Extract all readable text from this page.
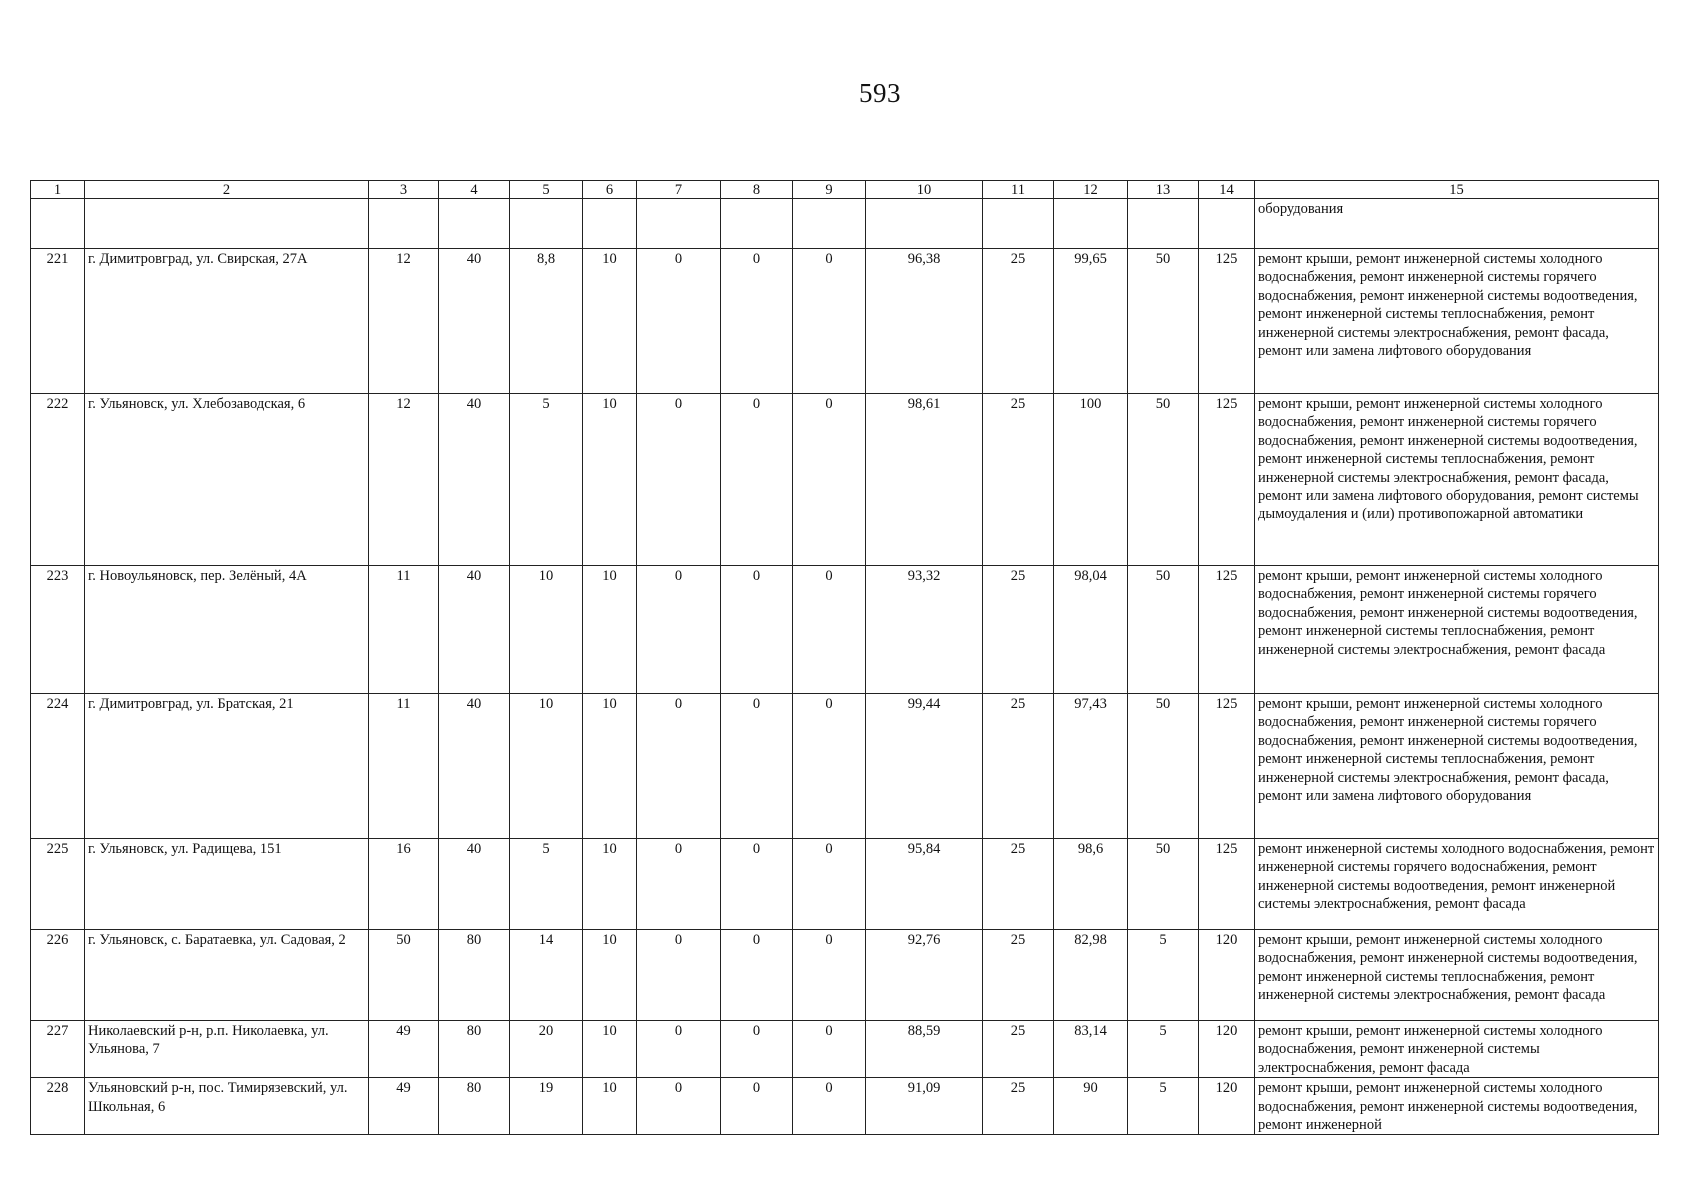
593
1	2	3	4	5	6	7	8	9	10	11	12	13	14	15
														оборудования
221	г. Димитровград, ул. Свирская, 27А	12	40	8,8	10	0	0	0	96,38	25	99,65	50	125	ремонт крыши, ремонт инженерной системы холодного водоснабжения, ремонт инженерной системы горячего водоснабжения, ремонт инженерной системы водоотведения, ремонт инженерной системы теплоснабжения, ремонт инженерной системы электроснабжения, ремонт фасада, ремонт или замена лифтового оборудования
222	г. Ульяновск, ул. Хлебозаводская, 6	12	40	5	10	0	0	0	98,61	25	100	50	125	ремонт крыши, ремонт инженерной системы холодного водоснабжения, ремонт инженерной системы горячего водоснабжения, ремонт инженерной системы водоотведения, ремонт инженерной системы теплоснабжения, ремонт инженерной системы электроснабжения, ремонт фасада, ремонт или замена лифтового оборудования, ремонт системы дымоудаления и (или) противопожарной автоматики
223	г. Новоульяновск, пер. Зелёный, 4А	11	40	10	10	0	0	0	93,32	25	98,04	50	125	ремонт крыши, ремонт инженерной системы холодного водоснабжения, ремонт инженерной системы горячего водоснабжения, ремонт инженерной системы водоотведения, ремонт инженерной системы теплоснабжения, ремонт инженерной системы электроснабжения, ремонт фасада
224	г. Димитровград, ул. Братская, 21	11	40	10	10	0	0	0	99,44	25	97,43	50	125	ремонт крыши, ремонт инженерной системы холодного водоснабжения, ремонт инженерной системы горячего водоснабжения, ремонт инженерной системы водоотведения, ремонт инженерной системы теплоснабжения, ремонт инженерной системы электроснабжения, ремонт фасада, ремонт или замена лифтового оборудования
225	г. Ульяновск, ул. Радищева, 151	16	40	5	10	0	0	0	95,84	25	98,6	50	125	ремонт инженерной системы холодного водоснабжения, ремонт инженерной системы горячего водоснабжения, ремонт инженерной системы водоотведения, ремонт инженерной системы электроснабжения, ремонт фасада
226	г. Ульяновск, с. Баратаевка, ул. Садовая, 2	50	80	14	10	0	0	0	92,76	25	82,98	5	120	ремонт крыши, ремонт инженерной системы холодного водоснабжения, ремонт инженерной системы водоотведения, ремонт инженерной системы теплоснабжения, ремонт инженерной системы электроснабжения, ремонт фасада
227	Николаевский р-н, р.п. Николаевка, ул. Ульянова, 7	49	80	20	10	0	0	0	88,59	25	83,14	5	120	ремонт крыши, ремонт инженерной системы холодного водоснабжения, ремонт инженерной системы электроснабжения, ремонт фасада
228	Ульяновский р-н, пос. Тимирязевский, ул. Школьная, 6	49	80	19	10	0	0	0	91,09	25	90	5	120	ремонт крыши, ремонт инженерной системы холодного водоснабжения, ремонт инженерной системы водоотведения, ремонт инженерной
